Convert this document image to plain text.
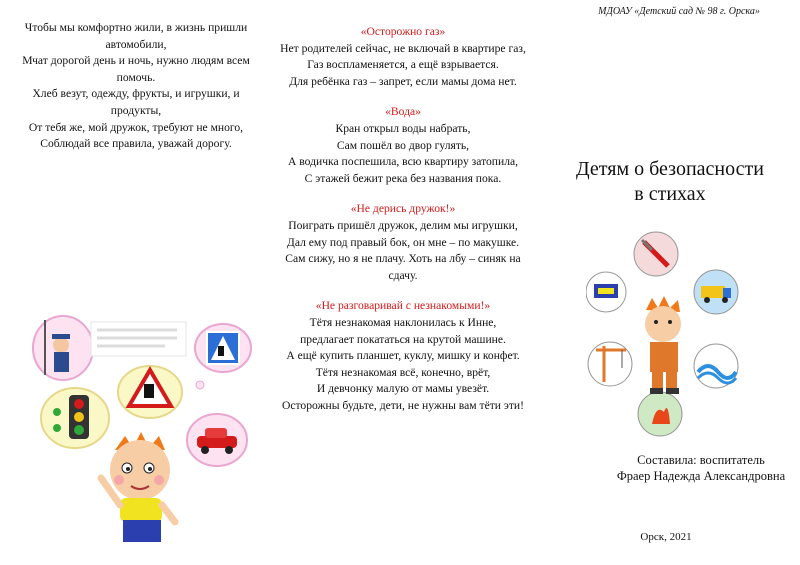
Чтобы мы комфортно жили, в жизнь пришли автомобили,
Мчат дорогой день и ночь, нужно людям всем помочь.
Хлеб везут, одежду, фрукты, и игрушки, и продукты,
От тебя же, мой дружок, требуют не много,
Соблюдай все правила, уважай дорогу.
«Осторожно газ»
Нет родителей сейчас, не включай в квартире газ,
Газ воспламеняется, а ещё взрывается.
Для ребёнка газ – запрет, если мамы дома нет.
«Вода»
Кран открыл воды набрать,
Сам пошёл во двор гулять,
А водичка поспешила, всю квартиру затопила,
С этажей бежит река без названия пока.
«Не дерись дружок!»
Поиграть пришёл дружок, делим мы игрушки,
Дал ему под правый бок, он мне – по макушке.
Сам сижу, но я не плачу. Хоть на лбу – синяк на сдачу.
«Не разговаривай с незнакомыми!»
Тётя незнакомая наклонилась к Инне,
предлагает покататься на крутой машине.
А ещё купить планшет, куклу, мишку и конфет.
Тётя незнакомая всё, конечно, врёт,
И девчонку малую от мамы увезёт.
Осторожны будьте, дети, не нужны вам тёти эти!
МДОАУ «Детский сад № 98 г. Орска»
Детям о безопасности
в стихах
Составила: воспитатель
Фраер Надежда Александровна
Орск, 2021
